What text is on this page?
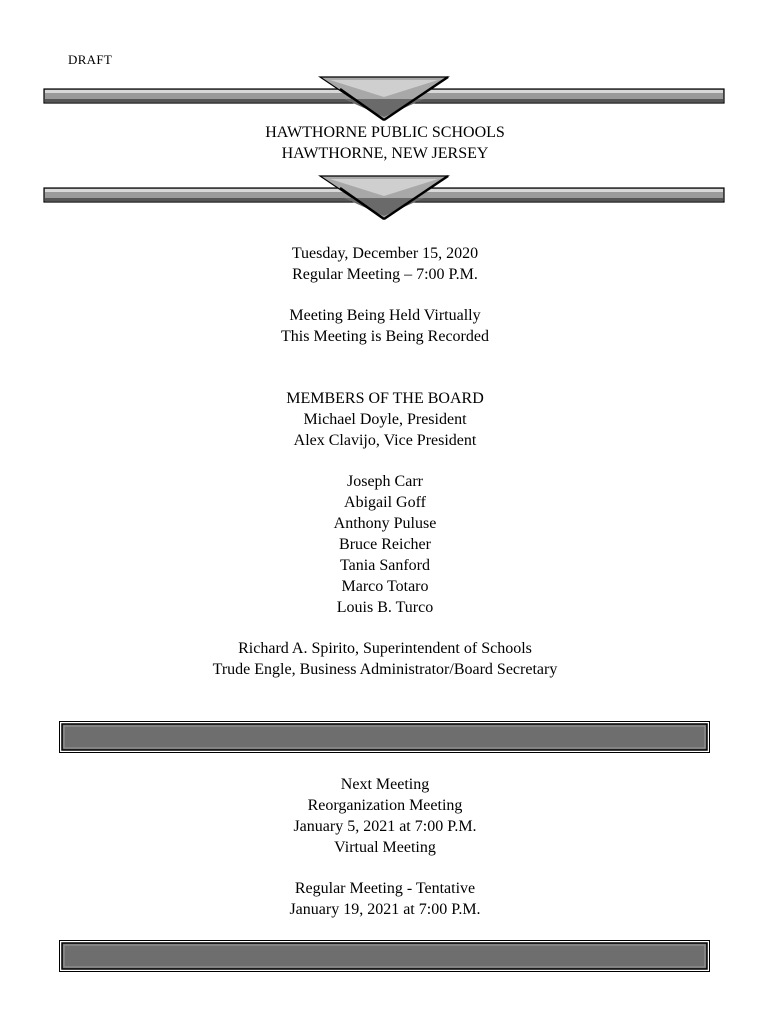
DRAFT
HAWTHORNE PUBLIC SCHOOLS
HAWTHORNE, NEW JERSEY
Tuesday, December 15, 2020
Regular Meeting – 7:00 P.M.
Meeting Being Held Virtually
This Meeting is Being Recorded
MEMBERS OF THE BOARD
Michael Doyle, President
Alex Clavijo, Vice President
Joseph Carr
Abigail Goff
Anthony Puluse
Bruce Reicher
Tania Sanford
Marco Totaro
Louis B. Turco
Richard A. Spirito, Superintendent of Schools
Trude Engle, Business Administrator/Board Secretary
Next Meeting
Reorganization Meeting
January 5, 2021 at 7:00 P.M.
Virtual Meeting
Regular Meeting - Tentative
January 19, 2021 at 7:00 P.M.
